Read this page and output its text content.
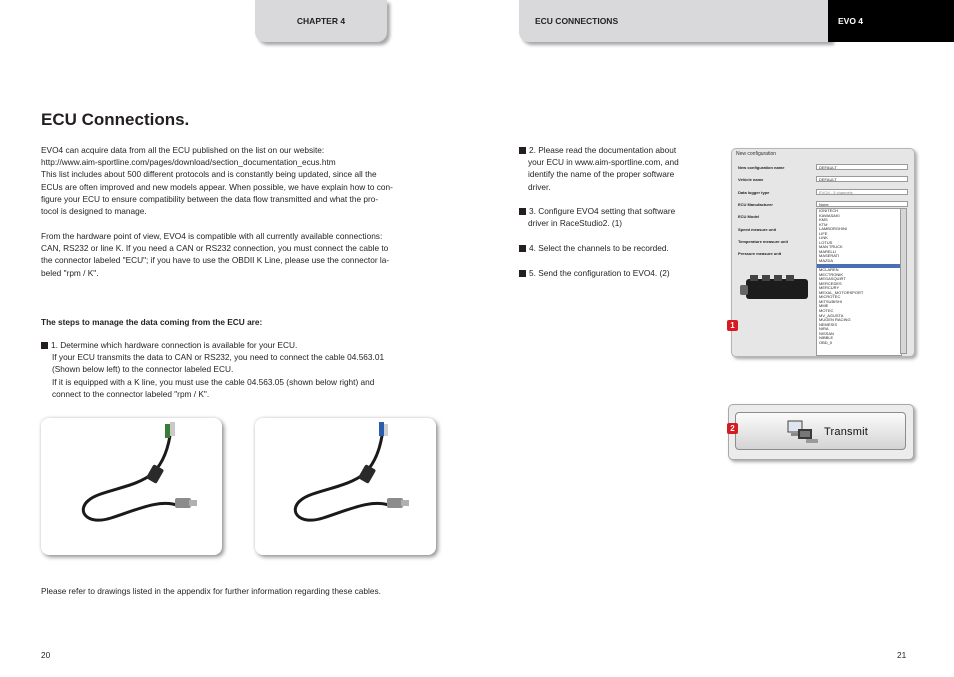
CHAPTER 4	ECU CONNECTIONS	EVO 4
ECU Connections.
EVO4 can acquire data from all the ECU published on the list on our website:
http://www.aim-sportline.com/pages/download/section_documentation_ecus.htm
This list includes about 500 different protocols and is constantly being updated, since all the
ECUs are often improved and new models appear. When possible, we have explain how to con-
figure your ECU to ensure compatibility between the data flow transmitted and what the pro-
tocol is designed to manage.
From the hardware point of view, EVO4 is compatible with all currently available connections:
CAN, RS232 or line K. If you need a CAN or RS232 connection, you must connect the cable to
the connector labeled "ECU"; if you have to use the OBDII K Line, please use the connector la-
beled "rpm / K".
The steps to manage the data coming from the ECU are:
1. Determine which hardware connection is available for your ECU.
If your ECU transmits the data to CAN or RS232, you need to connect the cable 04.563.01
(Shown below left) to the connector labeled ECU.
If it is equipped with a K line, you must use the cable 04.563.05 (shown below right) and
connect to the connector labeled "rpm / K".
Please refer to drawings listed in the appendix for further information regarding these cables.
20	21
2. Please read the documentation about
your ECU in www.aim-sportline.com, and
identify the name of the proper software
driver.
3. Configure EVO4 setting that software
driver in RaceStudio2. (1)
4. Select the channels to be recorded.
5. Send the configuration to EVO4. (2)
New configuration
New configuration name	DEFAULT
Vehicle name	DEFAULT
Data logger type	EVO4 - 5 channels
ECU Manufacturer	None
ECU Model
Speed measure unit
Temperature measure unit
Pressure measure unit
IGNITECH
KAWASAKI
KMS
KTM
LAMBORGHINI
LIFE
LINK
LOTUS
MAN TRUCK
MARELLI
MASERATI
MAZDA

MCLAREN
MECTRONIK
MEGASQUIRT
MERCEDES
MERCURY
MEXAL_MOTORSPORT
MICROTEC
MITSUBISHI
MME
MOTEC
MV_AGUSTA
MUGEN RACING
NEMESIS
NIRA
NISSAN
NIBBLE
OBD_II
1
Transmit
2
